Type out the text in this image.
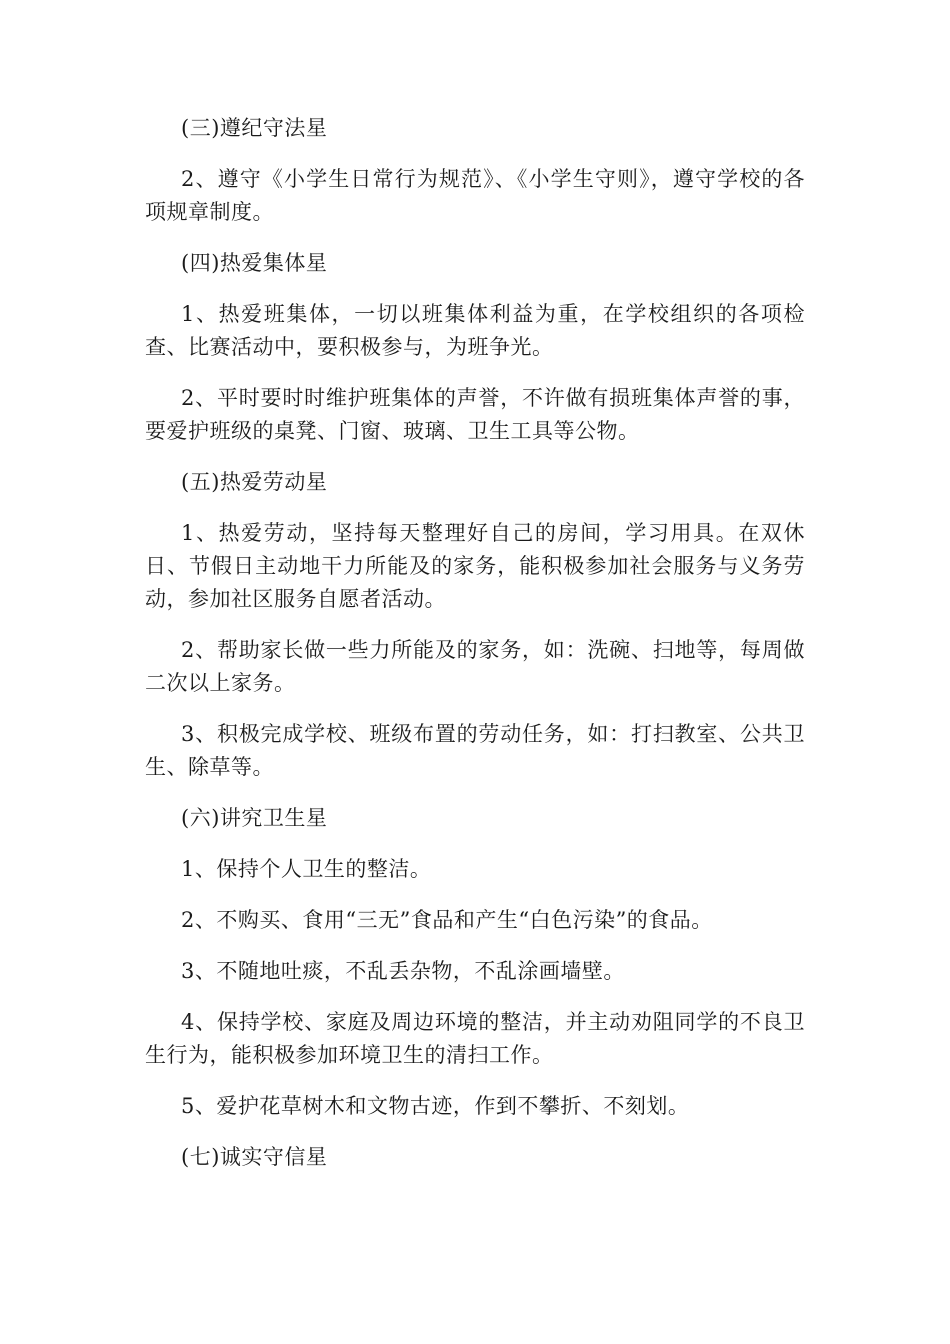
(三)遵纪守法星

2、遵守《小学生日常行为规范》、《小学生守则》，遵守学校的各项规章制度。

(四)热爱集体星

1、热爱班集体，一切以班集体利益为重，在学校组织的各项检查、比赛活动中，要积极参与，为班争光。

2、平时要时时维护班集体的声誉，不许做有损班集体声誉的事，要爱护班级的桌凳、门窗、玻璃、卫生工具等公物。

(五)热爱劳动星

1、热爱劳动，坚持每天整理好自己的房间，学习用具。在双休日、节假日主动地干力所能及的家务，能积极参加社会服务与义务劳动，参加社区服务自愿者活动。

2、帮助家长做一些力所能及的家务，如：洗碗、扫地等，每周做二次以上家务。

3、积极完成学校、班级布置的劳动任务，如：打扫教室、公共卫生、除草等。

(六)讲究卫生星

1、保持个人卫生的整洁。

2、不购买、食用“三无”食品和产生“白色污染”的食品。

3、不随地吐痰，不乱丢杂物，不乱涂画墙壁。

4、保持学校、家庭及周边环境的整洁，并主动劝阻同学的不良卫生行为，能积极参加环境卫生的清扫工作。

5、爱护花草树木和文物古迹，作到不攀折、不刻划。

(七)诚实守信星
